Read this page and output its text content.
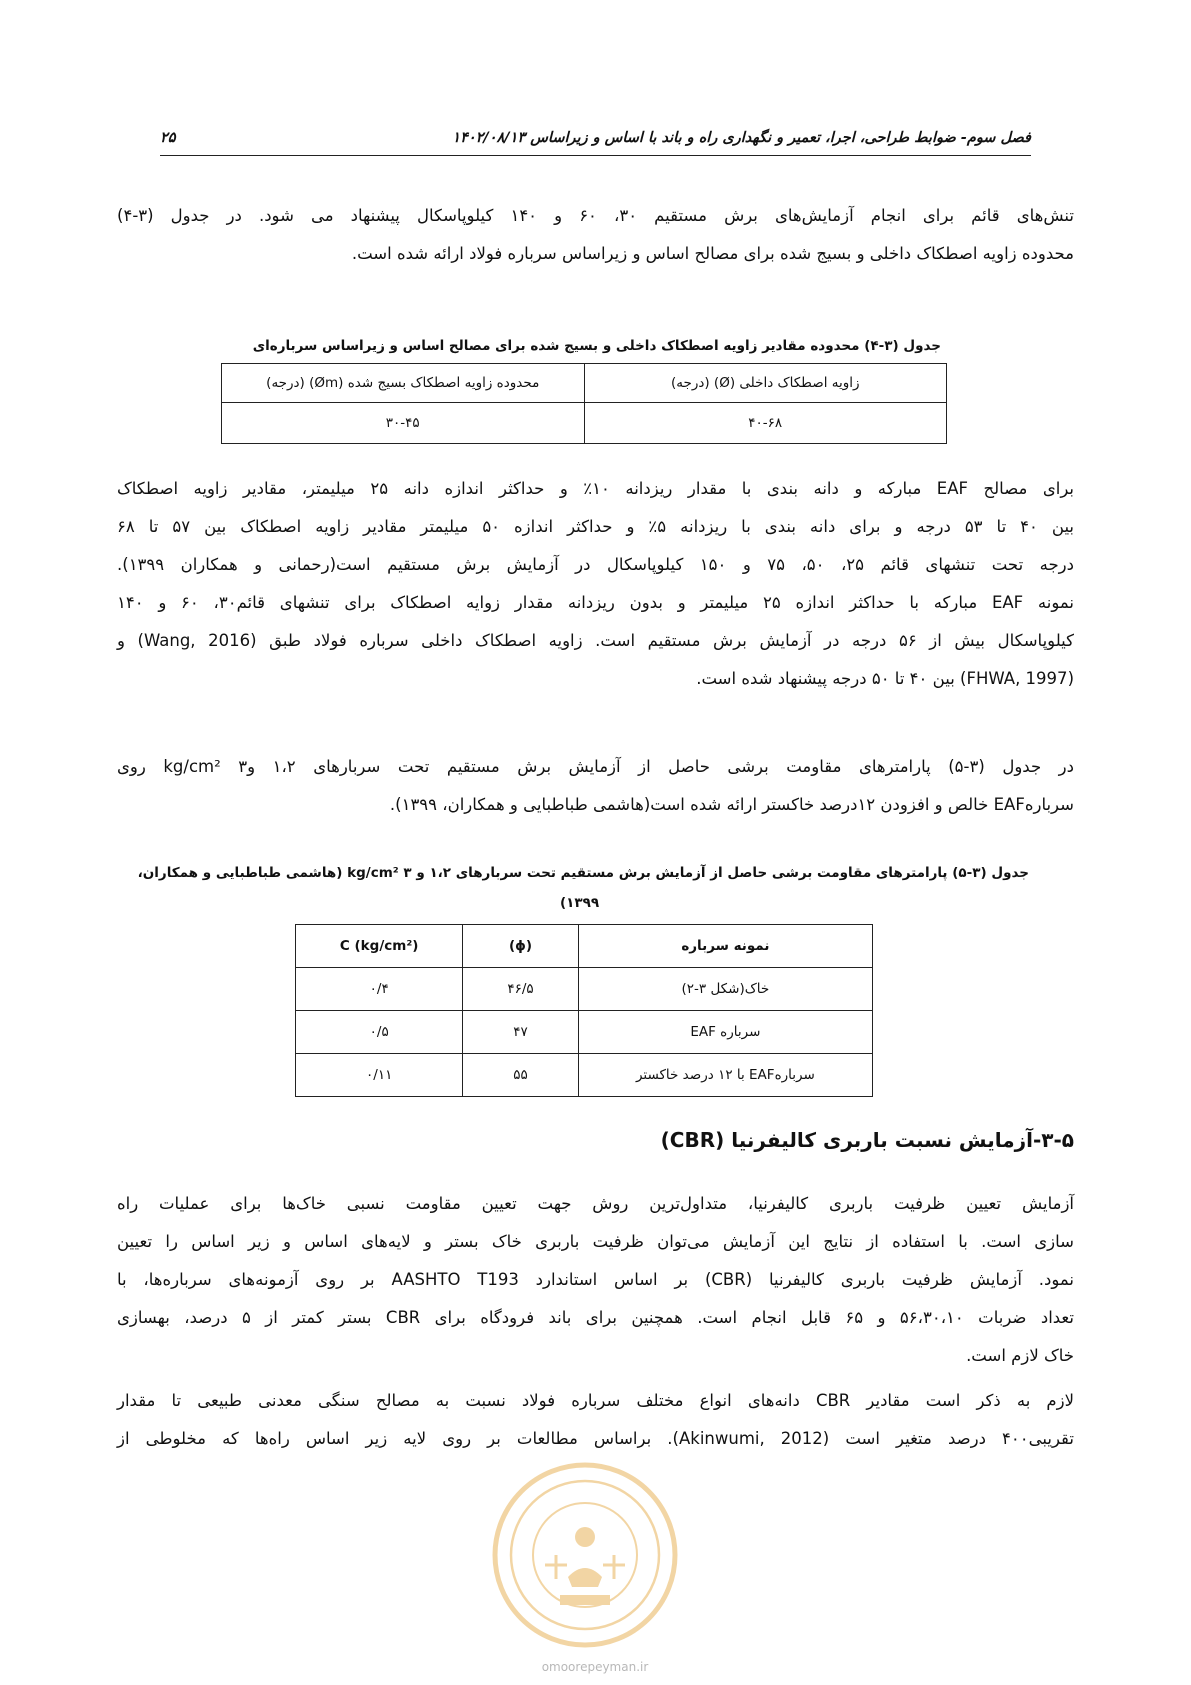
فصل سوم- ضوابط طراحی، اجرا، تعمیر و نگهداری راه و باند با اساس و زیراساس ۱۴۰۲/۰۸/۱۳
۲۵

تنش‌های قائم برای انجام آزمایش‌های برش مستقیم ۳۰، ۶۰ و ۱۴۰ کیلوپاسکال پیشنهاد می شود. در جدول (۳-۴)
محدوده زاویه اصطکاک داخلی و بسیج شده برای مصالح اساس و زیراساس سرباره فولاد ارائه شده است.

جدول (۳-۴) محدوده مقادیر زاویه اصطکاک داخلی و بسیج شده برای مصالح اساس و زیراساس سرباره‌ای
زاویه اصطکاک داخلی (Ø) (درجه)	محدوده زاویه اصطکاک بسیج شده (Øm) (درجه)
۴۰-۶۸	۳۰-۴۵

برای مصالح EAF مبارکه و دانه بندی با مقدار ریزدانه ۱۰٪ و حداکثر اندازه دانه ۲۵ میلیمتر، مقادیر زاویه اصطکاک
بین ۴۰ تا ۵۳ درجه و برای دانه بندی با ریزدانه ۵٪ و حداکثر اندازه ۵۰ میلیمتر مقادیر زاویه اصطکاک بین ۵۷ تا ۶۸
درجه تحت تنشهای قائم ۲۵، ۵۰، ۷۵ و ۱۵۰ کیلوپاسکال در آزمایش برش مستقیم است(رحمانی و همکاران ۱۳۹۹).
نمونه EAF مبارکه با حداکثر اندازه ۲۵ میلیمتر و بدون ریزدانه مقدار زوایه اصطکاک برای تنشهای قائم۳۰، ۶۰ و ۱۴۰
کیلوپاسکال بیش از ۵۶ درجه در آزمایش برش مستقیم است. زاویه اصطکاک داخلی سرباره فولاد طبق (Wang, 2016) و
(FHWA, 1997) بین ۴۰ تا ۵۰ درجه پیشنهاد شده است.

در جدول (۳-۵) پارامترهای مقاومت برشی حاصل از آزمایش برش مستقیم تحت سربارهای ۱،۲ وkg/cm² ۳ روی
سربارهEAF خالص و افزودن ۱۲درصد خاکستر ارائه شده است(هاشمی طباطبایی و همکاران، ۱۳۹۹).

جدول (۳-۵) پارامترهای مقاومت برشی حاصل از آزمایش برش مستقیم تحت سربارهای ۱،۲ و kg/cm² ۳ (هاشمی طباطبایی و همکاران،
۱۳۹۹)
نمونه سرباره	(ϕ)	C (kg/cm²)
خاک(شکل ۳-۲)	۴۶/۵	۰/۴
سرباره EAF	۴۷	۰/۵
سربارهEAF با ۱۲ درصد خاکستر	۵۵	۰/۱۱
۳-۵-آزمایش نسبت باربری کالیفرنیا (CBR)

آزمایش تعیین ظرفیت باربری کالیفرنیا، متداول‌ترین روش جهت تعیین مقاومت نسبی خاک‌ها برای عملیات راه
سازی است. با استفاده از نتایج این آزمایش می‌توان ظرفیت باربری خاک بستر و لایه‌های اساس و زیر اساس را تعیین
نمود. آزمایش ظرفیت باربری کالیفرنیا (CBR) بر اساس استاندارد AASHTO T193 بر روی آزمونه‌های سرباره‌ها، با
تعداد ضربات ۵۶،۳۰،۱۰ و ۶۵ قابل انجام است. همچنین برای باند فرودگاه برای CBR بستر کمتر از ۵ درصد، بهسازی
خاک لازم است.

لازم به ذکر است مقادیر CBR دانه‌های انواع مختلف سرباره فولاد نسبت به مصالح سنگی معدنی طبیعی تا مقدار
تقریبی۴۰۰ درصد متغیر است (Akinwumi, 2012). براساس مطالعات بر روی لایه زیر اساس راه‌ها که مخلوطی از

omoorepeyman.ir
